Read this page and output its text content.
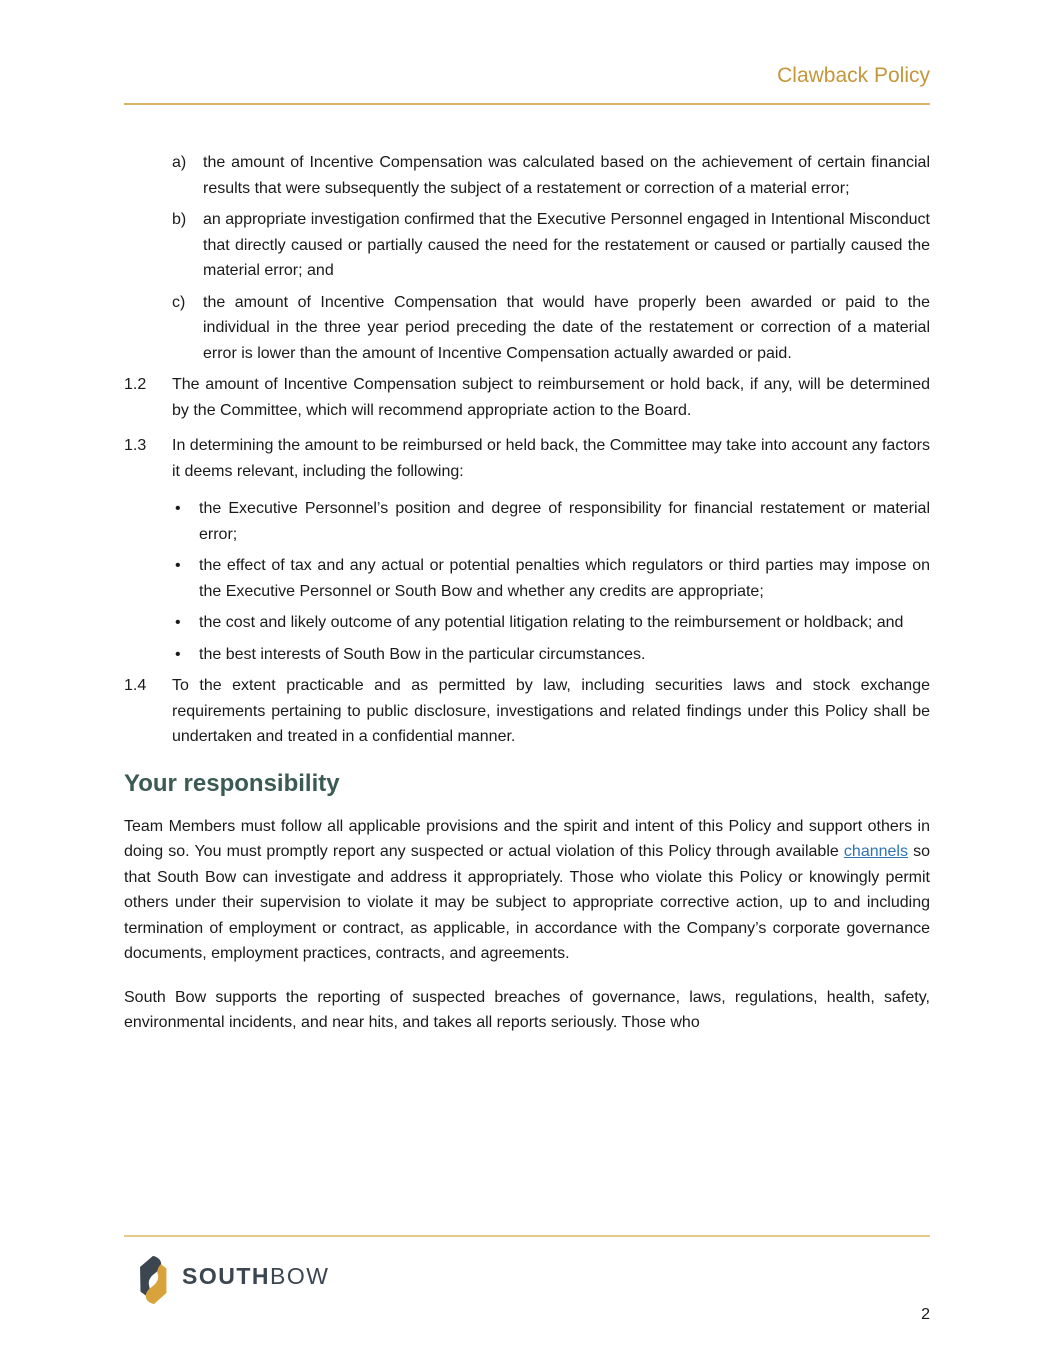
Clawback Policy
a)	the amount of Incentive Compensation was calculated based on the achievement of certain financial results that were subsequently the subject of a restatement or correction of a material error;
b)	an appropriate investigation confirmed that the Executive Personnel engaged in Intentional Misconduct that directly caused or partially caused the need for the restatement or caused or partially caused the material error; and
c)	the amount of Incentive Compensation that would have properly been awarded or paid to the individual in the three year period preceding the date of the restatement or correction of a material error is lower than the amount of Incentive Compensation actually awarded or paid.
1.2	The amount of Incentive Compensation subject to reimbursement or hold back, if any, will be determined by the Committee, which will recommend appropriate action to the Board.
1.3	In determining the amount to be reimbursed or held back, the Committee may take into account any factors it deems relevant, including the following:
•	the Executive Personnel’s position and degree of responsibility for financial restatement or material error;
•	the effect of tax and any actual or potential penalties which regulators or third parties may impose on the Executive Personnel or South Bow and whether any credits are appropriate;
•	the cost and likely outcome of any potential litigation relating to the reimbursement or holdback; and
•	the best interests of South Bow in the particular circumstances.
1.4	To the extent practicable and as permitted by law, including securities laws and stock exchange requirements pertaining to public disclosure, investigations and related findings under this Policy shall be undertaken and treated in a confidential manner.
Your responsibility

Team Members must follow all applicable provisions and the spirit and intent of this Policy and support others in doing so. You must promptly report any suspected or actual violation of this Policy through available channels so that South Bow can investigate and address it appropriately. Those who violate this Policy or knowingly permit others under their supervision to violate it may be subject to appropriate corrective action, up to and including termination of employment or contract, as applicable, in accordance with the Company’s corporate governance documents, employment practices, contracts, and agreements.

South Bow supports the reporting of suspected breaches of governance, laws, regulations, health, safety, environmental incidents, and near hits, and takes all reports seriously. Those who

SOUTHBOW
2
